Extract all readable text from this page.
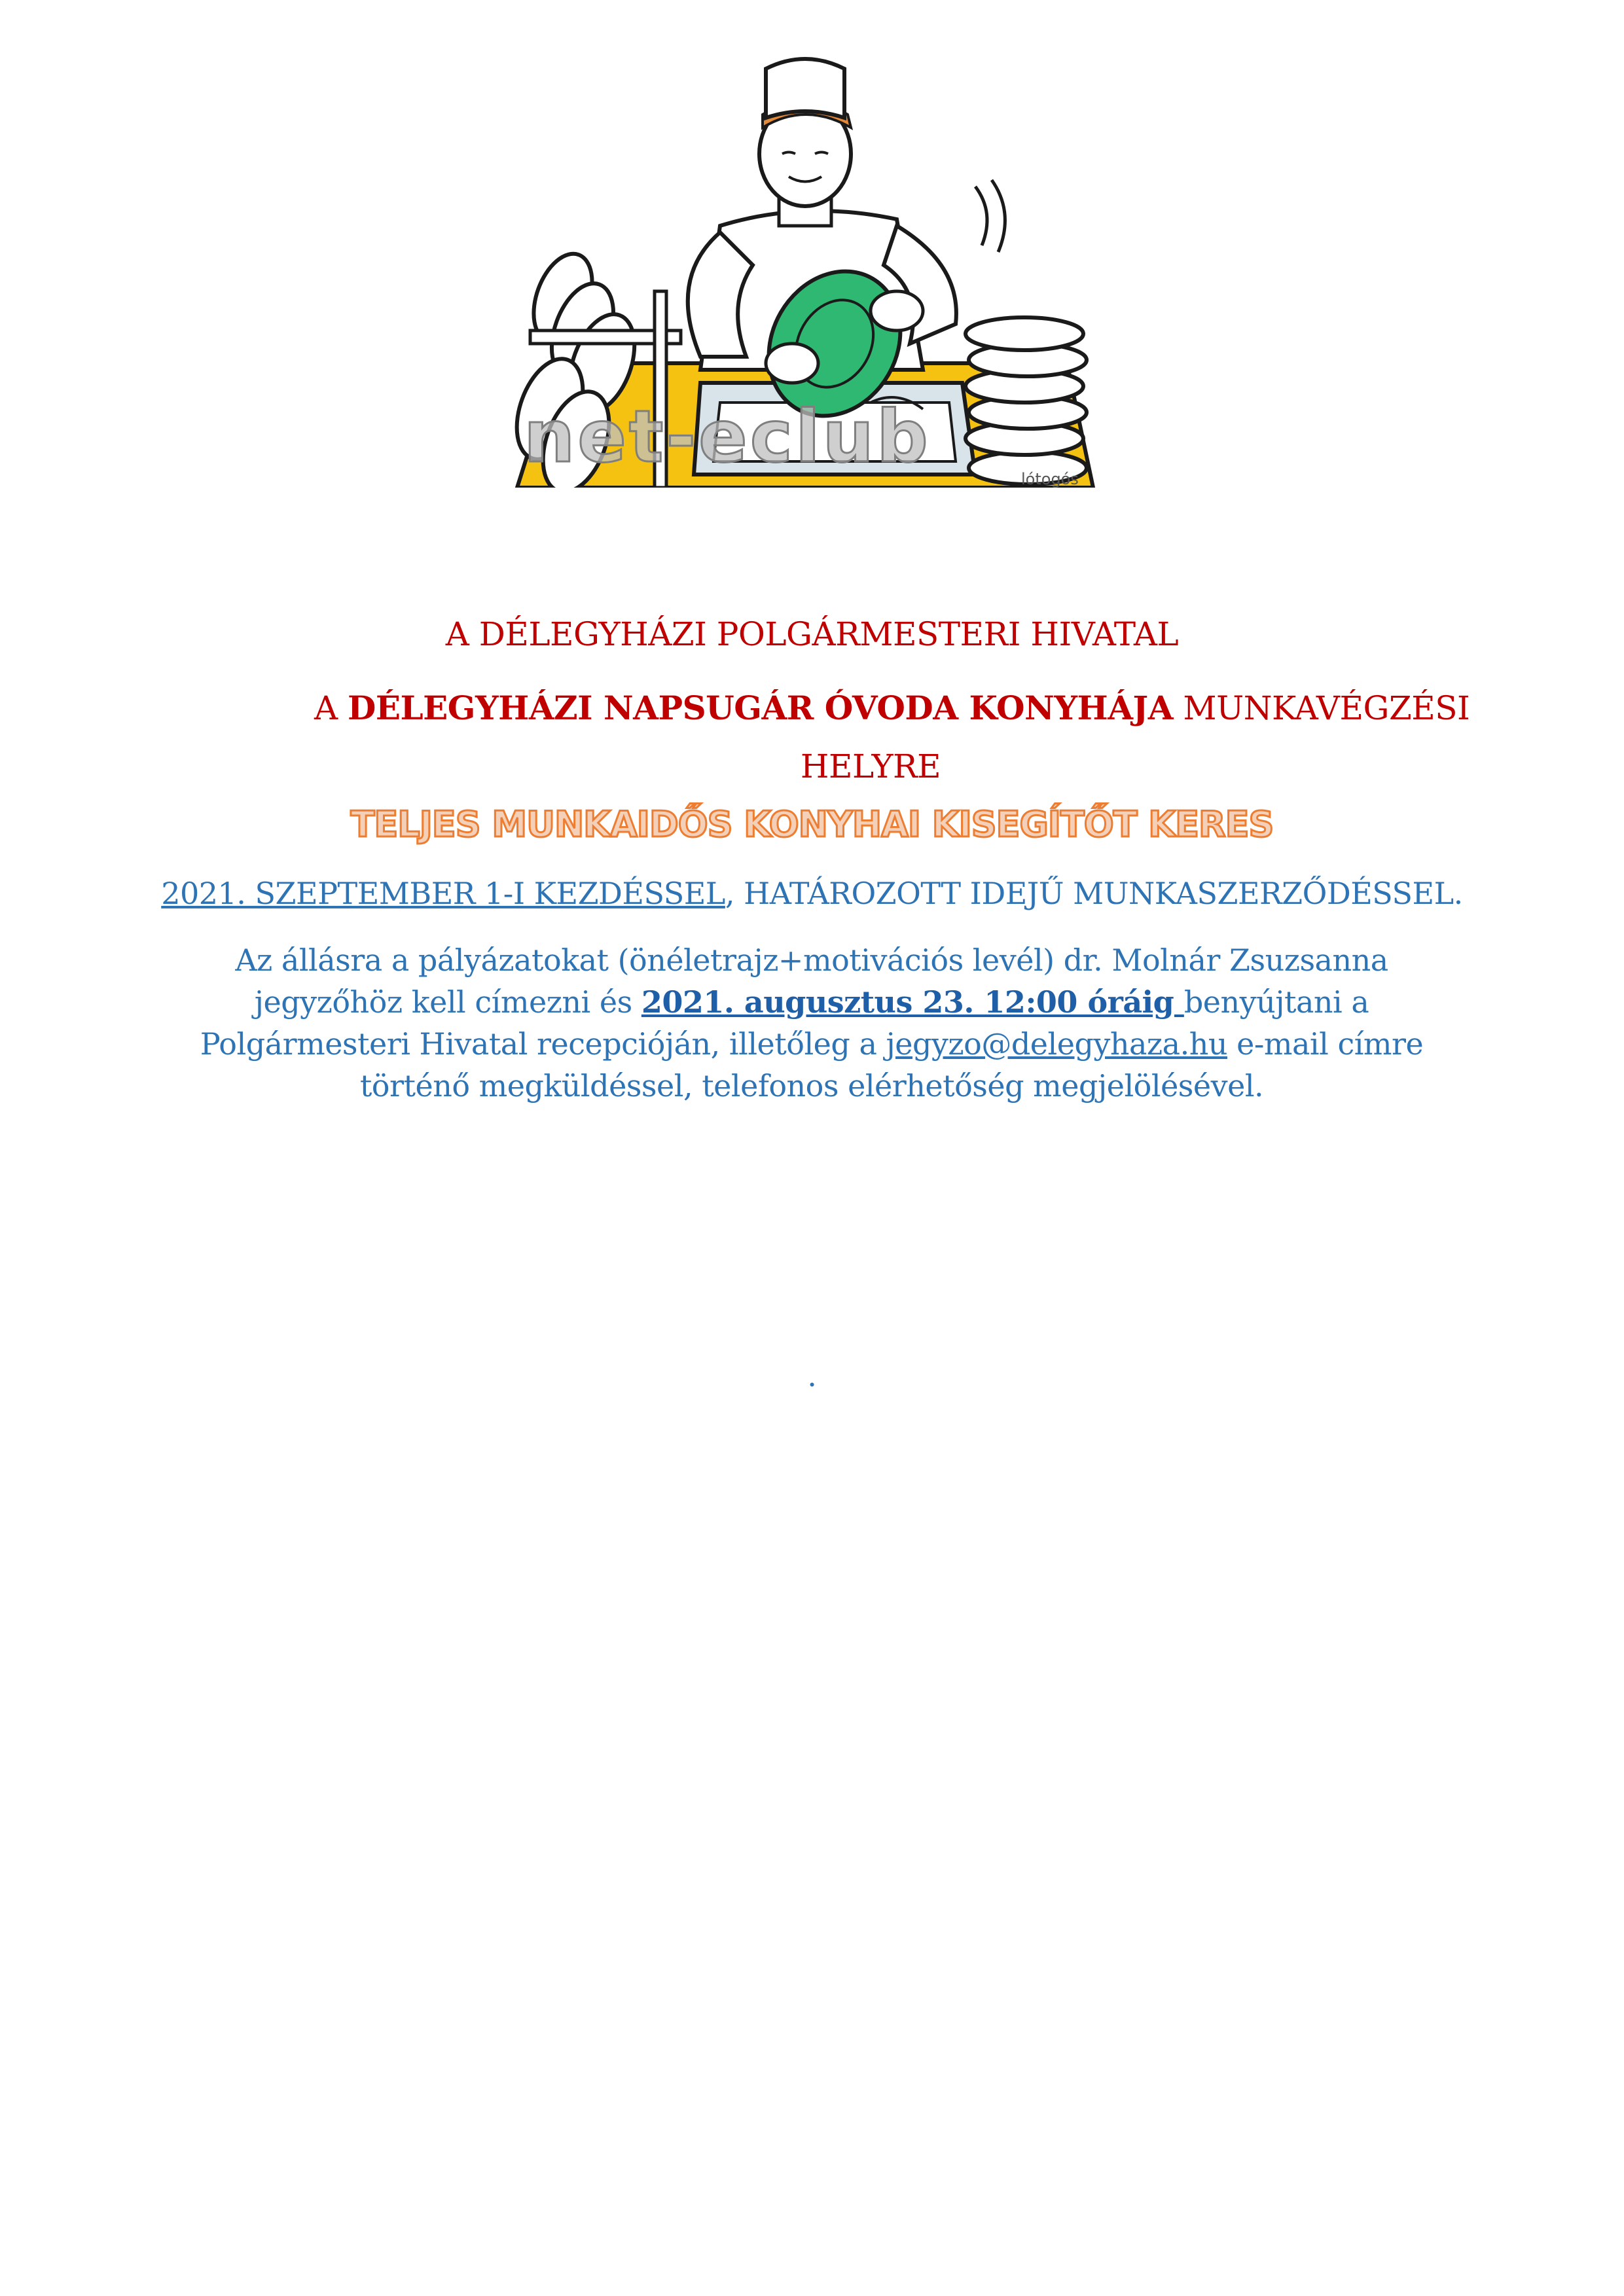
net-eclub
lótogós
A DÉLEGYHÁZI POLGÁRMESTERI HIVATAL
A DÉLEGYHÁZI NAPSUGÁR ÓVODA KONYHÁJA MUNKAVÉGZÉSI
HELYRE
TELJES MUNKAIDŐS KONYHAI KISEGÍTŐT KERES
2021. SZEPTEMBER 1-I KEZDÉSSEL, HATÁROZOTT IDEJŰ MUNKASZERZŐDÉSSEL.
Az állásra a pályázatokat (önéletrajz+motivációs levél) dr. Molnár Zsuzsanna jegyzőhöz kell címezni és 2021. augusztus 23. 12:00 óráig benyújtani a Polgármesteri Hivatal recepcióján, illetőleg a jegyzo@delegyhaza.hu e-mail címre történő megküldéssel, telefonos elérhetőség megjelölésével.
.
